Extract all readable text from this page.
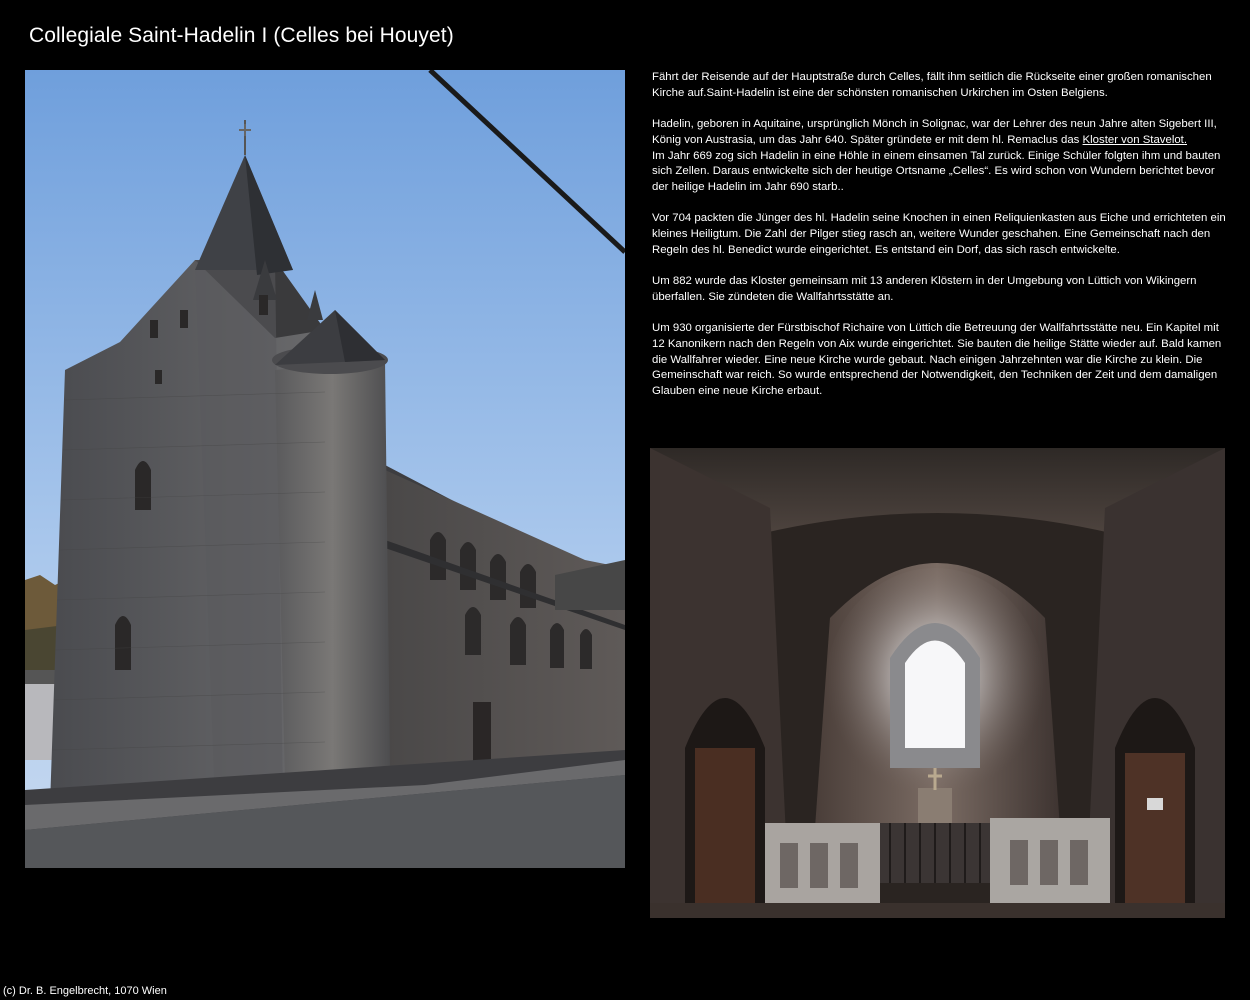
Collegiale Saint-Hadelin I (Celles bei Houyet)

Fährt der Reisende auf der Hauptstraße durch Celles, fällt ihm seitlich die Rückseite einer großen romanischen Kirche auf.Saint-Hadelin ist eine der schönsten romanischen Urkirchen im Osten Belgiens.

Hadelin, geboren in Aquitaine, ursprünglich Mönch in Solignac, war der Lehrer des neun Jahre alten Sigebert III, König von Austrasia, um das Jahr 640. Später gründete er mit dem hl. Remaclus das Kloster von Stavelot.
Im Jahr 669 zog sich Hadelin in eine Höhle in einem einsamen Tal zurück. Einige Schüler folgten ihm und bauten sich Zellen. Daraus entwickelte sich der heutige Ortsname „Celles“. Es wird schon von Wundern berichtet bevor der heilige Hadelin im Jahr 690 starb..

Vor 704 packten die Jünger des hl. Hadelin seine Knochen in einen Reliquienkasten aus Eiche und errichteten ein kleines Heiligtum. Die Zahl der Pilger stieg rasch an, weitere Wunder geschahen. Eine Gemeinschaft nach den Regeln des hl. Benedict wurde eingerichtet. Es entstand ein Dorf, das sich rasch entwickelte.

Um 882 wurde das Kloster gemeinsam mit 13 anderen Klöstern in der Umgebung von Lüttich von Wikingern überfallen. Sie zündeten die Wallfahrtsstätte an.

Um 930 organisierte der Fürstbischof Richaire von Lüttich die Betreuung der Wallfahrtsstätte neu. Ein Kapitel mit 12 Kanonikern nach den Regeln von Aix wurde eingerichtet. Sie bauten die heilige Stätte wieder auf. Bald kamen die Wallfahrer wieder. Eine neue Kirche wurde gebaut. Nach einigen Jahrzehnten war die Kirche zu klein. Die Gemeinschaft war reich. So wurde entsprechend der Notwendigkeit, den Techniken der Zeit und dem damaligen Glauben eine neue Kirche erbaut.

(c) Dr. B. Engelbrecht, 1070 Wien
